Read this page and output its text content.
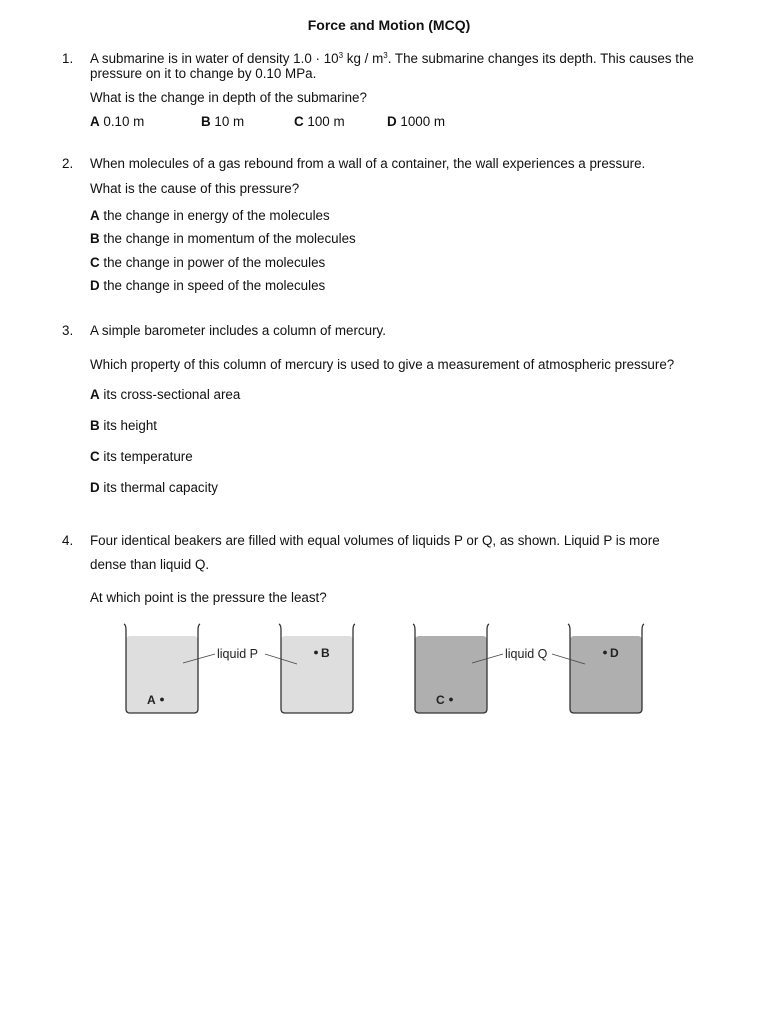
Force and Motion (MCQ)
1. A submarine is in water of density $1.0 \cdot 10^3$ kg / $m^3$. The submarine changes its depth. This causes the pressure on it to change by 0.10 MPa.
What is the change in depth of the submarine?
A 0.10 m	B 10 m	C 100 m	D 1000 m
2. When molecules of a gas rebound from a wall of a container, the wall experiences a pressure.
What is the cause of this pressure?
A the change in energy of the molecules
B the change in momentum of the molecules
C the change in power of the molecules
D the change in speed of the molecules
3. A simple barometer includes a column of mercury.
Which property of this column of mercury is used to give a measurement of atmospheric pressure?
A its cross-sectional area
B its height
C its temperature
D its thermal capacity
4. Four identical beakers are filled with equal volumes of liquids P or Q, as shown. Liquid P is more
dense than liquid Q.
At which point is the pressure the least?
A
B
liquid P
C
D
liquid Q
